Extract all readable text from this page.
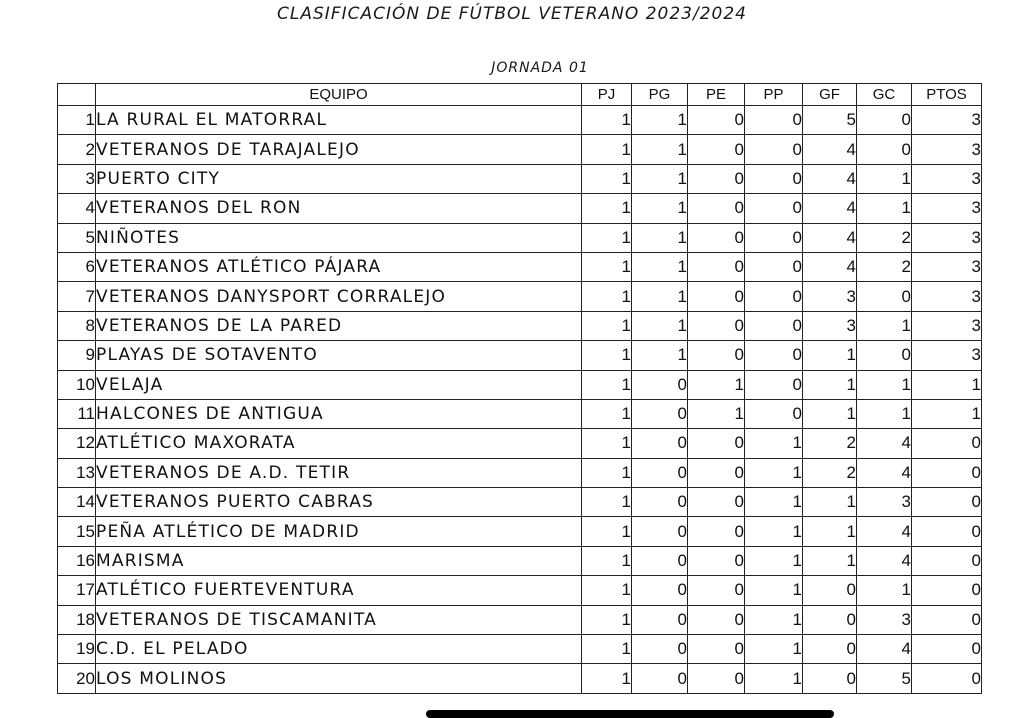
CLASIFICACIÓN DE FÚTBOL VETERANO 2023/2024
JORNADA 01
	EQUIPO	PJ	PG	PE	PP	GF	GC	PTOS
1	LA RURAL EL MATORRAL	1	1	0	0	5	0	3
2	VETERANOS DE TARAJALEJO	1	1	0	0	4	0	3
3	PUERTO CITY	1	1	0	0	4	1	3
4	VETERANOS DEL RON	1	1	0	0	4	1	3
5	NIÑOTES	1	1	0	0	4	2	3
6	VETERANOS ATLÉTICO PÁJARA	1	1	0	0	4	2	3
7	VETERANOS DANYSPORT CORRALEJO	1	1	0	0	3	0	3
8	VETERANOS DE LA PARED	1	1	0	0	3	1	3
9	PLAYAS DE SOTAVENTO	1	1	0	0	1	0	3
10	VELAJA	1	0	1	0	1	1	1
11	HALCONES DE ANTIGUA	1	0	1	0	1	1	1
12	ATLÉTICO MAXORATA	1	0	0	1	2	4	0
13	VETERANOS DE A.D. TETIR	1	0	0	1	2	4	0
14	VETERANOS PUERTO CABRAS	1	0	0	1	1	3	0
15	PEÑA ATLÉTICO DE MADRID	1	0	0	1	1	4	0
16	MARISMA	1	0	0	1	1	4	0
17	ATLÉTICO FUERTEVENTURA	1	0	0	1	0	1	0
18	VETERANOS DE TISCAMANITA	1	0	0	1	0	3	0
19	C.D. EL PELADO	1	0	0	1	0	4	0
20	LOS MOLINOS	1	0	0	1	0	5	0
